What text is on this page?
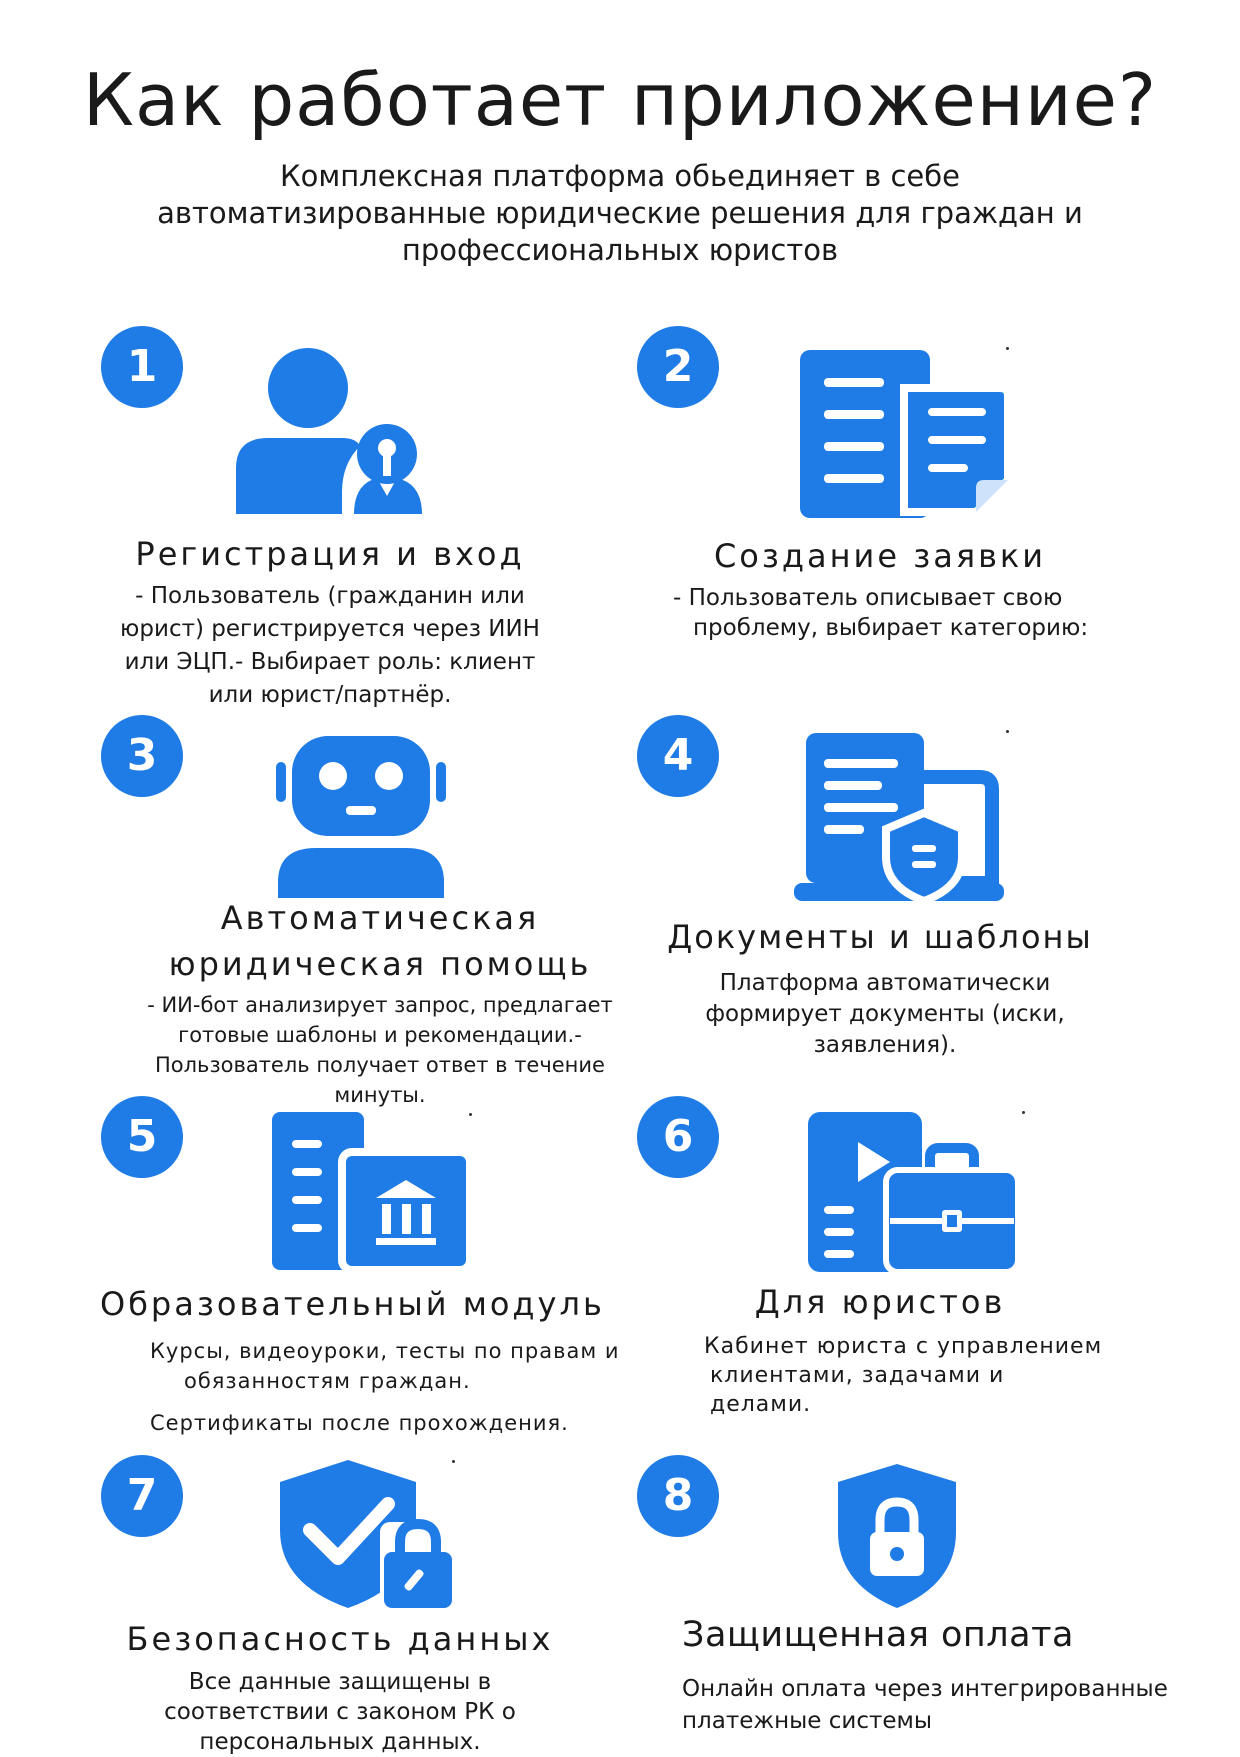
Как работает приложение?
Комплексная платформа обьединяет в себе
автоматизированные юридические решения для граждан и
профессиональных юристов
1
Регистрация и вход
- Пользователь (гражданин или
юрист) регистрируется через ИИН
или ЭЦП.- Выбирает роль: клиент
или юрист/партнёр.
2
Создание заявки
- Пользователь описывает свою
проблему, выбирает категорию:
3
Автоматическая
юридическая помощь
- ИИ-бот анализирует запрос, предлагает
готовые шаблоны и рекомендации.-
Пользователь получает ответ в течение
минуты.
4
Документы и шаблоны
Платформа автоматически
формирует документы (иски,
заявления).
5
Образовательный модуль
Курсы, видеоуроки, тесты по правам и
обязанностям граждан.
Сертификаты после прохождения.
6
Для юристов
Кабинет юриста с управлением
клиентами, задачами и
делами.
7
Безопасность данных
Все данные защищены в
соответствии с законом РК о
персональных данных.
8
Защищенная оплата
Онлайн оплата через интегрированные
платежные системы
